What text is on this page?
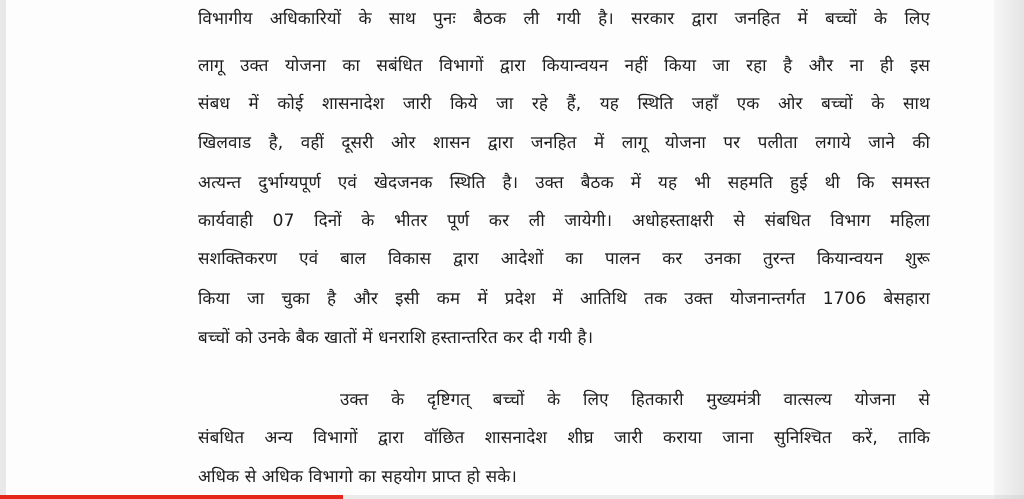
विभागीय अधिकारियों के साथ पुनः बैठक ली गयी है। सरकार द्वारा जनहित में बच्चों के लिए
लागू उक्त योजना का सबंधित विभागों द्वारा कियान्वयन नहीं किया जा रहा है और ना ही इस
संबध में कोई शासनादेश जारी किये जा रहे हैं, यह स्थिति जहाँ एक ओर बच्चों के साथ
खिलवाड है, वहीं दूसरी ओर शासन द्वारा जनहित में लागू योजना पर पलीता लगाये जाने की
अत्यन्त दुर्भाग्यपूर्ण एवं खेदजनक स्थिति है। उक्त बैठक में यह भी सहमति हुई थी कि समस्त
कार्यवाही 07 दिनों के भीतर पूर्ण कर ली जायेगी। अधोहस्ताक्षरी से संबधित विभाग महिला
सशक्तिकरण एवं बाल विकास द्वारा आदेशों का पालन कर उनका तुरन्त कियान्वयन शुरू
किया जा चुका है और इसी कम में प्रदेश में आतिथि तक उक्त योजनान्तर्गत 1706 बेसहारा
बच्चों को उनके बैक खातों में धनराशि हस्तान्तरित कर दी गयी है।
उक्त के दृष्टिगत् बच्चों के लिए हितकारी मुख्यमंत्री वात्सल्य योजना से
संबधित अन्य विभागों द्वारा वॉछित शासनादेश शीघ्र जारी कराया जाना सुनिश्चित करें, ताकि
अधिक से अधिक विभागो का सहयोग प्राप्त हो सके।
